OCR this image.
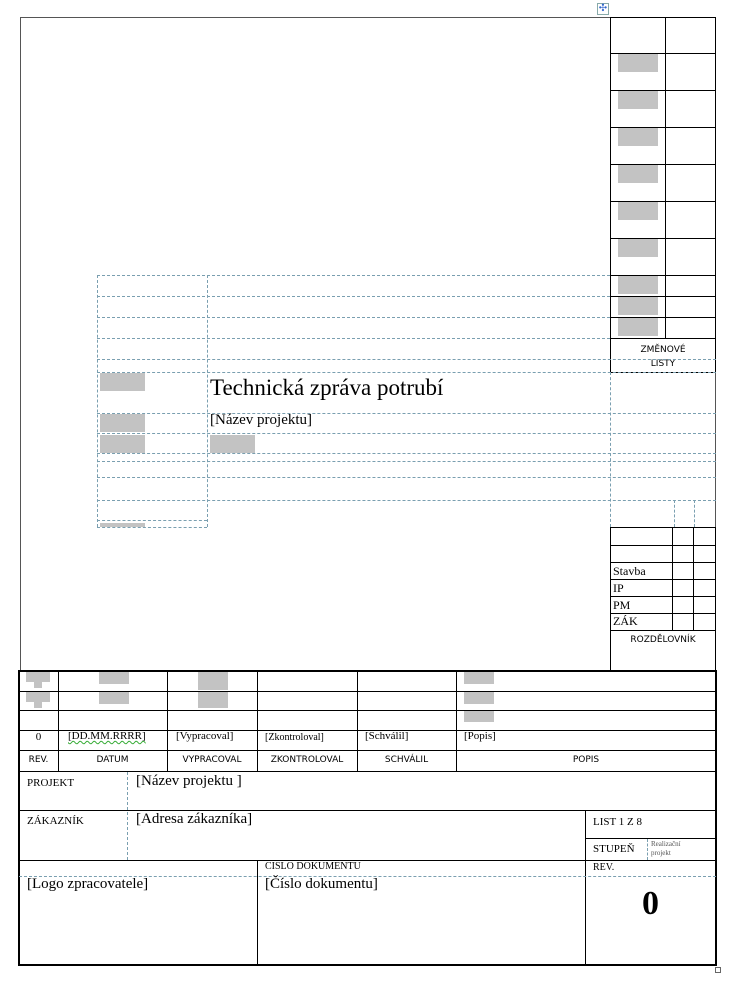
✣
ZMĚNOVÉ
LISTY
Technická zpráva potrubí
[Název projektu]
Stavba
IP
PM
ZÁK
ROZDĚLOVNÍK
0	[DD.MM.RRRR]	[Vypracoval]	[Zkontroloval]	[Schválil]	[Popis]
REV.	DATUM	VYPRACOVAL	ZKONTROLOVAL	SCHVÁLIL	POPIS
PROJEKT	[Název projektu ]
ZÁKAZNÍK	[Adresa zákazníka]	LIST 1 Z 8
STUPEŇ Realizační
projekt
CISLO DOKUMENTU	REV.
[Logo zpracovatele]	[Číslo dokumentu]
0
